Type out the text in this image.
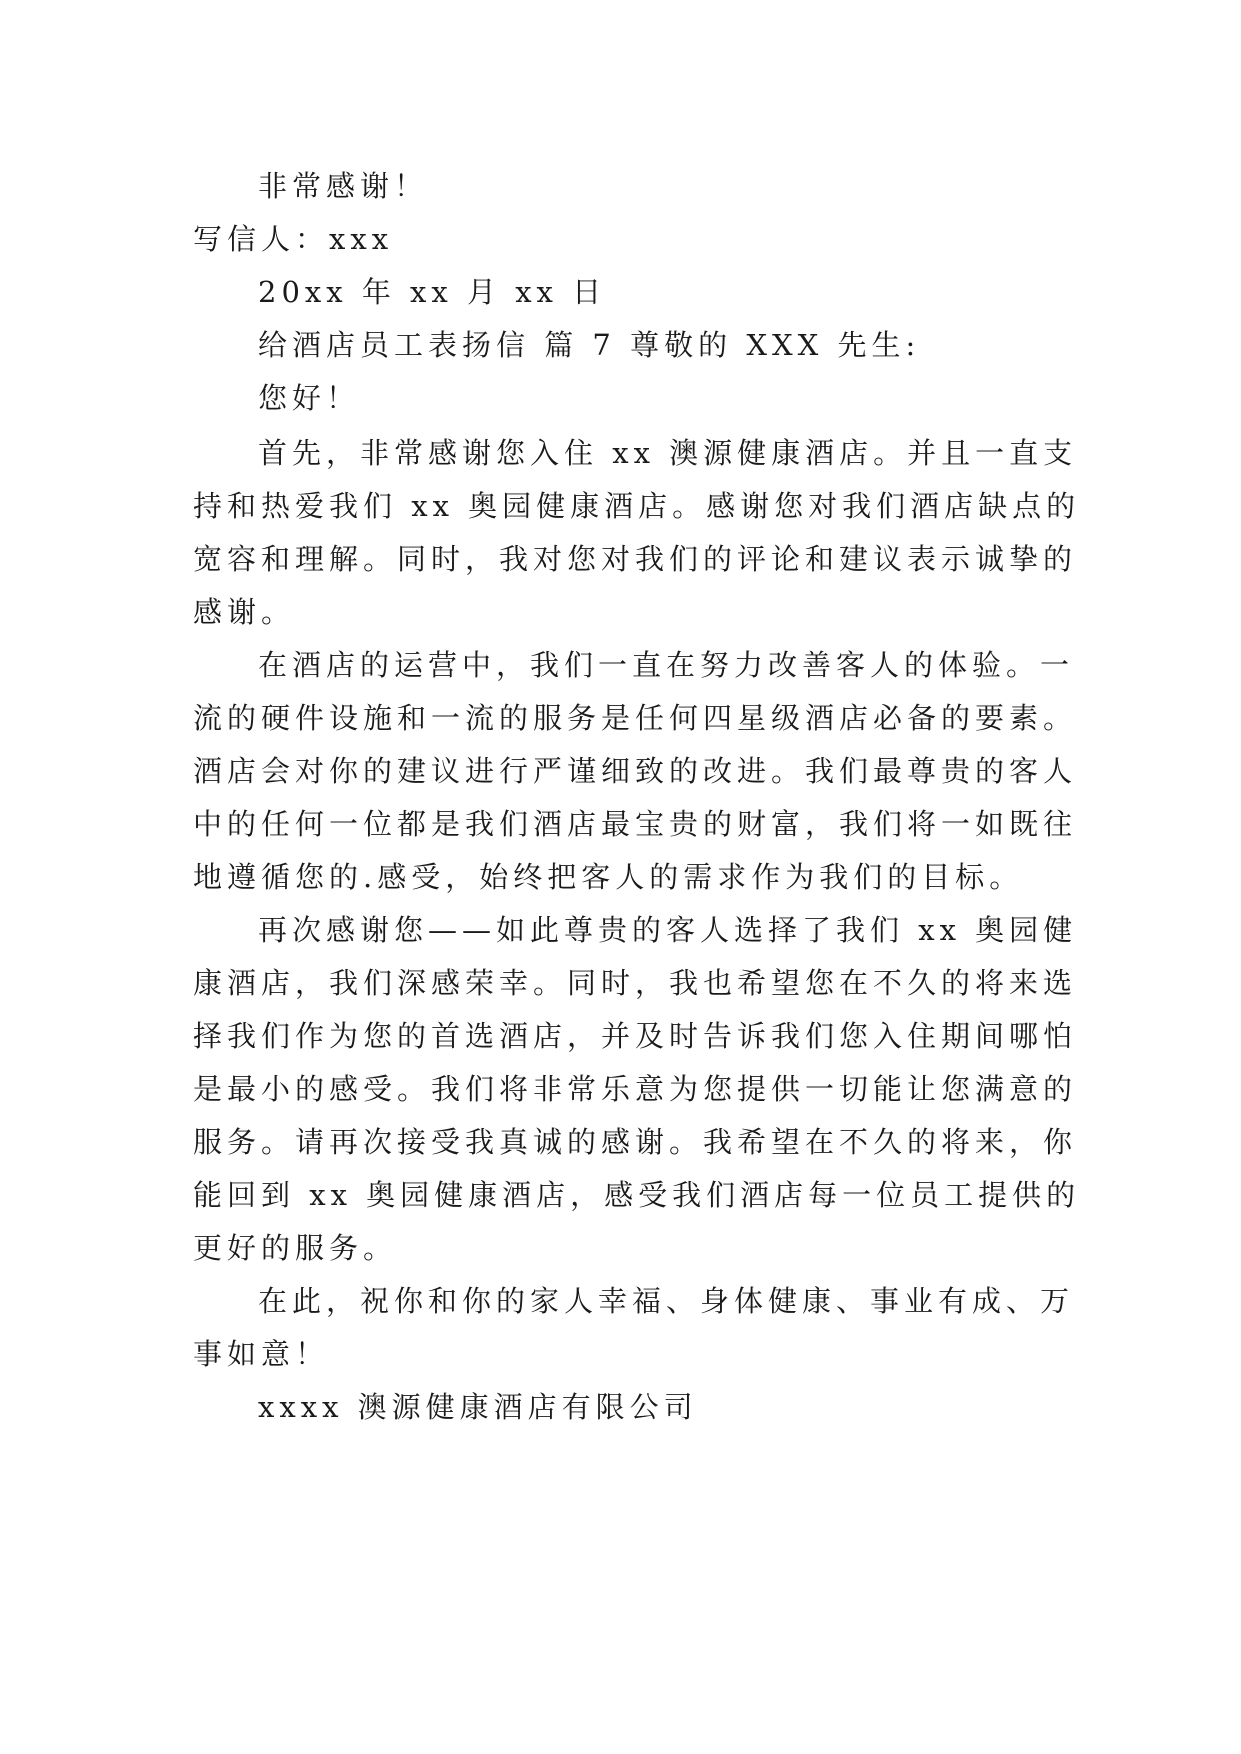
非常感谢！
写信人：xxx
20xx 年 xx 月 xx 日
给酒店员工表扬信 篇 7 尊敬的 XXX 先生:
您好！
首先，非常感谢您入住 xx 澳源健康酒店。并且一直支
持和热爱我们 xx 奥园健康酒店。感谢您对我们酒店缺点的
宽容和理解。同时，我对您对我们的评论和建议表示诚挚的
感谢。
在酒店的运营中，我们一直在努力改善客人的体验。一
流的硬件设施和一流的服务是任何四星级酒店必备的要素。
酒店会对你的建议进行严谨细致的改进。我们最尊贵的客人
中的任何一位都是我们酒店最宝贵的财富，我们将一如既往
地遵循您的.感受，始终把客人的需求作为我们的目标。
再次感谢您——如此尊贵的客人选择了我们 xx 奥园健
康酒店，我们深感荣幸。同时，我也希望您在不久的将来选
择我们作为您的首选酒店，并及时告诉我们您入住期间哪怕
是最小的感受。我们将非常乐意为您提供一切能让您满意的
服务。请再次接受我真诚的感谢。我希望在不久的将来，你
能回到 xx 奥园健康酒店，感受我们酒店每一位员工提供的
更好的服务。
在此，祝你和你的家人幸福、身体健康、事业有成、万
事如意！
xxxx 澳源健康酒店有限公司
